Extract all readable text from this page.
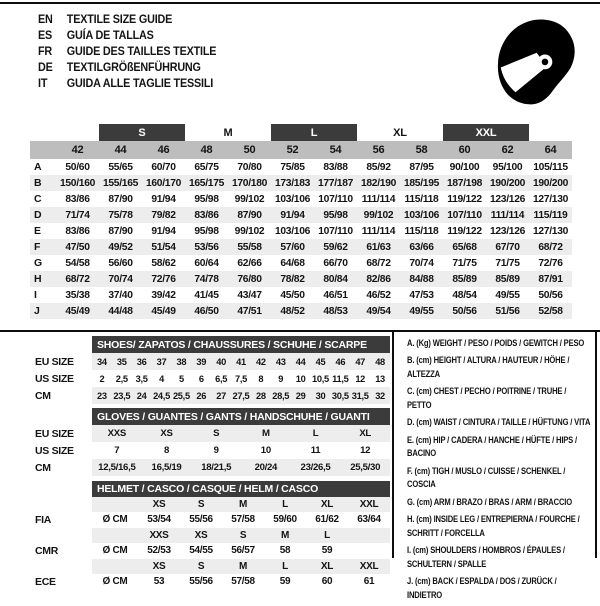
EN	TEXTILE SIZE GUIDE
ES	GUÍA DE TALLAS
FR	GUIDE DES TAILLES TEXTILE
DE	TEXTILGRÖßENFÜHRUNG
IT	GUIDA ALLE TAGLIE TESSILI
S	M	L	XL	XXL
42	44	46	48	50	52	54	56	58	60	62	64
A	50/60	55/65	60/70	65/75	70/80	75/85	83/88	85/92	87/95	90/100	95/100	105/115
B	150/160 155/165 160/170 165/175 170/180 173/183 177/187 182/190 185/195 187/198 190/200 190/200
C	83/86	87/90	91/94	95/98	99/102	103/106 107/110 111/114 115/118 119/122 123/126 127/130
D	71/74	75/78	79/82	83/86	87/90	91/94	95/98	99/102	103/106 107/110 111/114 115/119
E	83/86	87/90	91/94	95/98	99/102	103/106 107/110 111/114 115/118 119/122 123/126 127/130
F	47/50	49/52	51/54	53/56	55/58	57/60	59/62	61/63	63/66	65/68	67/70	68/72
G	54/58	56/60	58/62	60/64	62/66	64/68	66/70	68/72	70/74	71/75	71/75	72/76
H	68/72	70/74	72/76	74/78	76/80	78/82	80/84	82/86	84/88	85/89	85/89	87/91
I	35/38	37/40	39/42	41/45	43/47	45/50	46/51	46/52	47/53	48/54	49/55	50/56
J	45/49	44/48	45/49	46/50	47/51	48/52	48/53	49/54	49/55	50/56	51/56	52/58
SHOES/ ZAPATOS / CHAUSSURES / SCHUHE / SCARPE
EU SIZE	34	35	36	37	38	39	40	41	42	43	44	45	46	47	48
US SIZE	2	2,5 3,5	4	5	6	6,5 7,5	8	9	10 10,5 11,5 12	13
CM	23 23,5 24 24,5 25,5 26	27 27,5 28 28,5 29	30 30,5 31,5 32
GLOVES / GUANTES / GANTS / HANDSCHUHE / GUANTI
EU SIZE	XXS	XS	S	M	L	XL
US SIZE	7	8	9	10	11	12
CM	12,5/16,5	16,5/19	18/21,5	20/24	23/26,5	25,5/30
HELMET / CASCO / CASQUE / HELM / CASCO
XS	S	M	L	XL	XXL
FIA	Ø CM	53/54	55/56	57/58	59/60	61/62	63/64
XXS	XS	S	M	L
CMR	Ø CM	52/53	54/55	56/57	58	59
XS	S	M	L	XL	XXL
ECE	Ø CM	53	55/56	57/58	59	60	61
A. (Kg) WEIGHT / PESO / POIDS / GEWITCH / PESO
B. (cm) HEIGHT / ALTURA / HAUTEUR / HÖHE / ALTEZZA
C. (cm) CHEST / PECHO / POITRINE / TRUHE / PETTO
D. (cm) WAIST / CINTURA / TAILLE / HÜFTUNG / VITA
E. (cm) HIP / CADERA / HANCHE / HÜFTE / HIPS / BACINO
F. (cm) TIGH / MUSLO / CUISSE / SCHENKEL / COSCIA
G. (cm) ARM / BRAZO / BRAS / ARM / BRACCIO
H. (cm) INSIDE LEG / ENTREPIERNA / FOURCHE / SCHRITT / FORCELLA
I. (cm) SHOULDERS / HOMBROS / ÉPAULES / SCHULTERN / SPALLE
J. (cm) BACK / ESPALDA / DOS / ZURÜCK / INDIETRO
